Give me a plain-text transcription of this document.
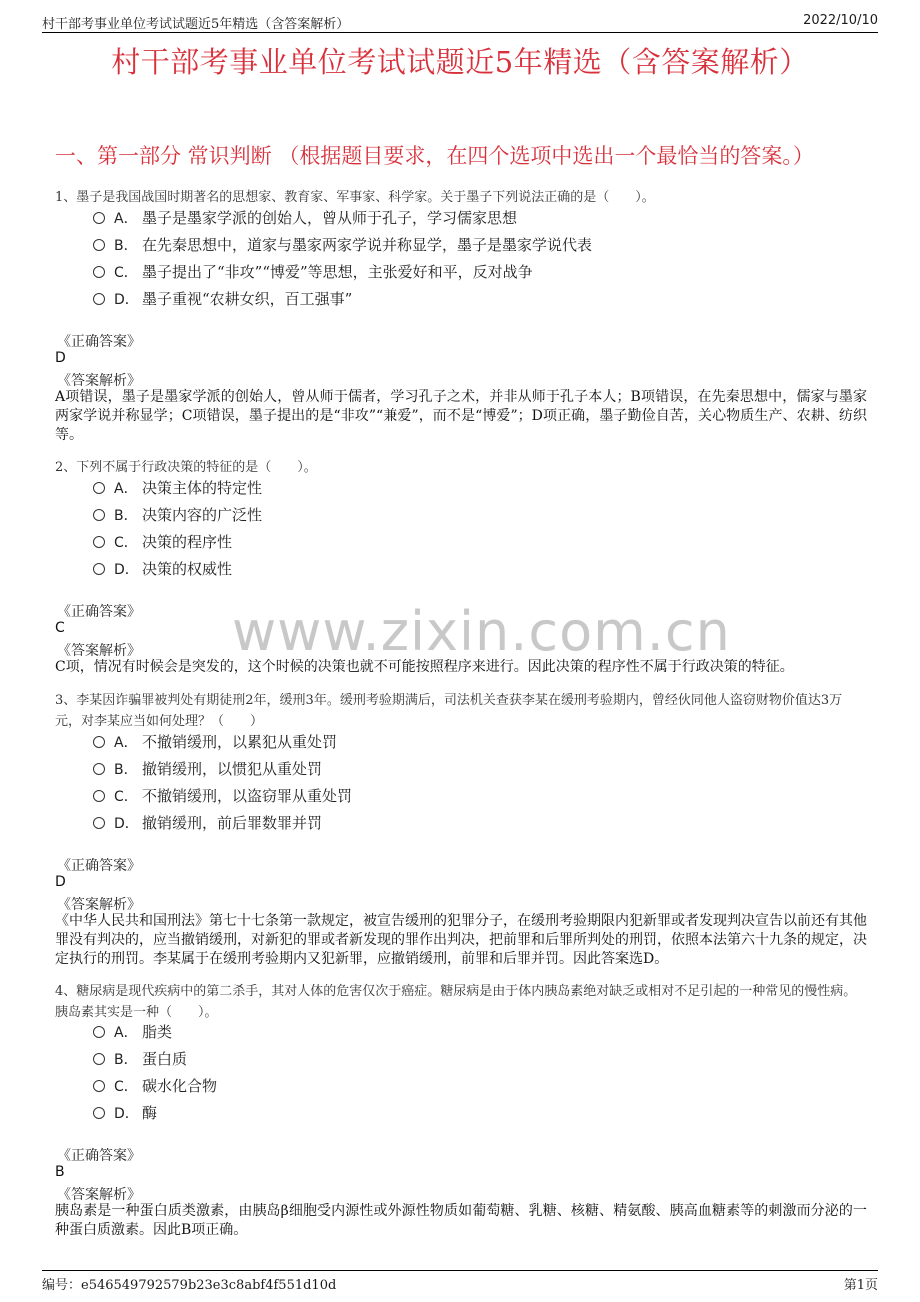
村干部考事业单位考试试题近5年精选（含答案解析）	2022/10/10
村干部考事业单位考试试题近5年精选（含答案解析）
一、第一部分 常识判断 （根据题目要求，在四个选项中选出一个最恰当的答案。）
1、墨子是我国战国时期著名的思想家、教育家、军事家、科学家。关于墨子下列说法正确的是（　　）。
A． 墨子是墨家学派的创始人，曾从师于孔子，学习儒家思想
B． 在先秦思想中，道家与墨家两家学说并称显学，墨子是墨家学说代表
C． 墨子提出了“非攻”“博爱”等思想，主张爱好和平，反对战争
D． 墨子重视“农耕女织，百工强事”
《正确答案》
D
《答案解析》
A项错误，墨子是墨家学派的创始人，曾从师于儒者，学习孔子之术，并非从师于孔子本人；B项错误，在先秦思想中，儒家与墨家两家学说并称显学；C项错误，墨子提出的是“非攻”“兼爱”，而不是“博爱”；D项正确，墨子勤俭自苦，关心物质生产、农耕、纺织等。
2、下列不属于行政决策的特征的是（　　）。
A． 决策主体的特定性
B． 决策内容的广泛性
C． 决策的程序性
D． 决策的权威性
《正确答案》
C
《答案解析》
C项，情况有时候会是突发的，这个时候的决策也就不可能按照程序来进行。因此决策的程序性不属于行政决策的特征。
www.zixin.com.cn
3、李某因诈骗罪被判处有期徒刑2年，缓刑3年。缓刑考验期满后，司法机关查获李某在缓刑考验期内，曾经伙同他人盗窃财物价值达3万元，对李某应当如何处理？（　　）
A． 不撤销缓刑，以累犯从重处罚
B． 撤销缓刑，以惯犯从重处罚
C． 不撤销缓刑，以盗窃罪从重处罚
D． 撤销缓刑，前后罪数罪并罚
《正确答案》
D
《答案解析》
《中华人民共和国刑法》第七十七条第一款规定，被宣告缓刑的犯罪分子，在缓刑考验期限内犯新罪或者发现判决宣告以前还有其他罪没有判决的，应当撤销缓刑，对新犯的罪或者新发现的罪作出判决，把前罪和后罪所判处的刑罚，依照本法第六十九条的规定，决定执行的刑罚。李某属于在缓刑考验期内又犯新罪，应撤销缓刑，前罪和后罪并罚。因此答案选D。
4、糖尿病是现代疾病中的第二杀手，其对人体的危害仅次于癌症。糖尿病是由于体内胰岛素绝对缺乏或相对不足引起的一种常见的慢性病。胰岛素其实是一种（　　）。
A． 脂类
B． 蛋白质
C． 碳水化合物
D． 酶
《正确答案》
B
《答案解析》
胰岛素是一种蛋白质类激素，由胰岛β细胞受内源性或外源性物质如葡萄糖、乳糖、核糖、精氨酸、胰高血糖素等的刺激而分泌的一种蛋白质激素。因此B项正确。
编号：e546549792579b23e3c8abf4f551d10d	第1页
